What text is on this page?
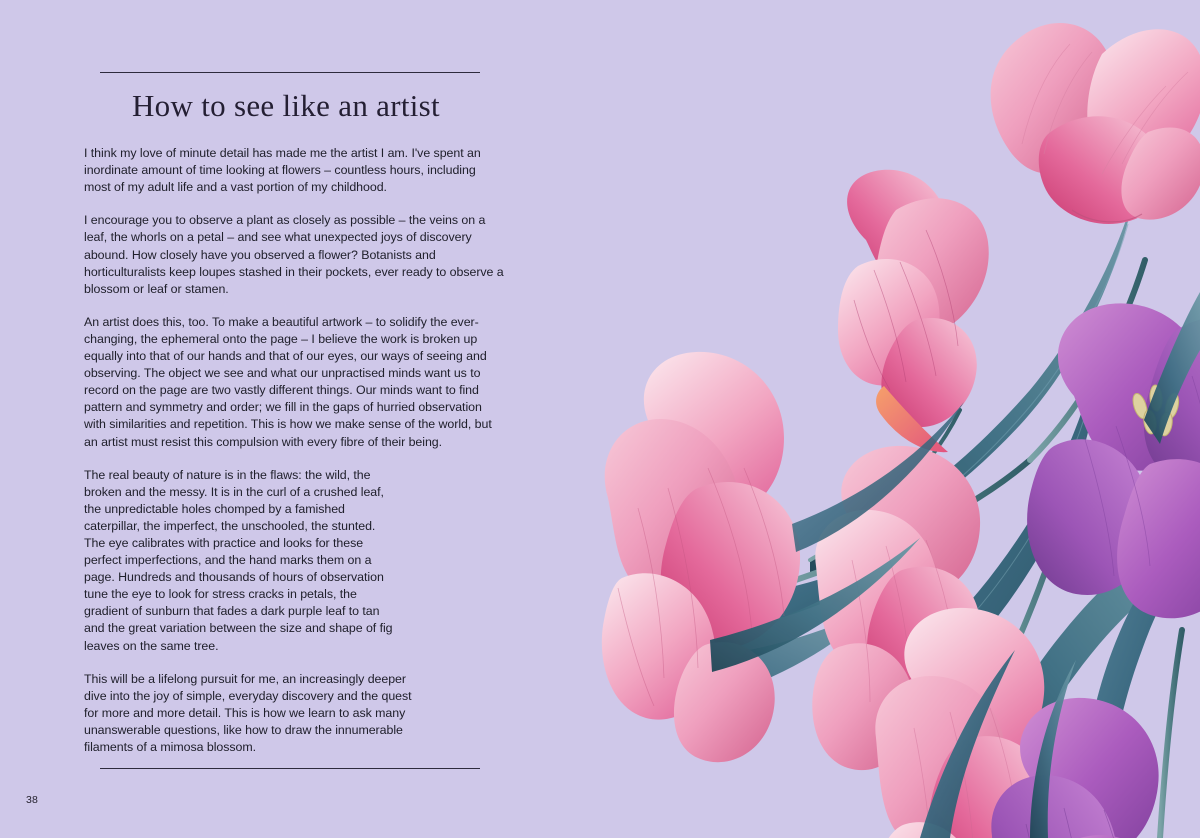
How to see like an artist

I think my love of minute detail has made me the artist I am. I've spent an inordinate amount of time looking at flowers – countless hours, including most of my adult life and a vast portion of my childhood.

I encourage you to observe a plant as closely as possible – the veins on a leaf, the whorls on a petal – and see what unexpected joys of discovery abound. How closely have you observed a flower? Botanists and horticulturalists keep loupes stashed in their pockets, ever ready to observe a blossom or leaf or stamen.

An artist does this, too. To make a beautiful artwork – to solidify the ever-changing, the ephemeral onto the page – I believe the work is broken up equally into that of our hands and that of our eyes, our ways of seeing and observing. The object we see and what our unpractised minds want us to record on the page are two vastly different things. Our minds want to find pattern and symmetry and order; we fill in the gaps of hurried observation with similarities and repetition. This is how we make sense of the world, but an artist must resist this compulsion with every fibre of their being.

The real beauty of nature is in the flaws: the wild, the broken and the messy. It is in the curl of a crushed leaf, the unpredictable holes chomped by a famished caterpillar, the imperfect, the unschooled, the stunted. The eye calibrates with practice and looks for these perfect imperfections, and the hand marks them on a page. Hundreds and thousands of hours of observation tune the eye to look for stress cracks in petals, the gradient of sunburn that fades a dark purple leaf to tan and the great variation between the size and shape of fig leaves on the same tree.

This will be a lifelong pursuit for me, an increasingly deeper dive into the joy of simple, everyday discovery and the quest for more and more detail. This is how we learn to ask many unanswerable questions, like how to draw the innumerable filaments of a mimosa blossom.

38
